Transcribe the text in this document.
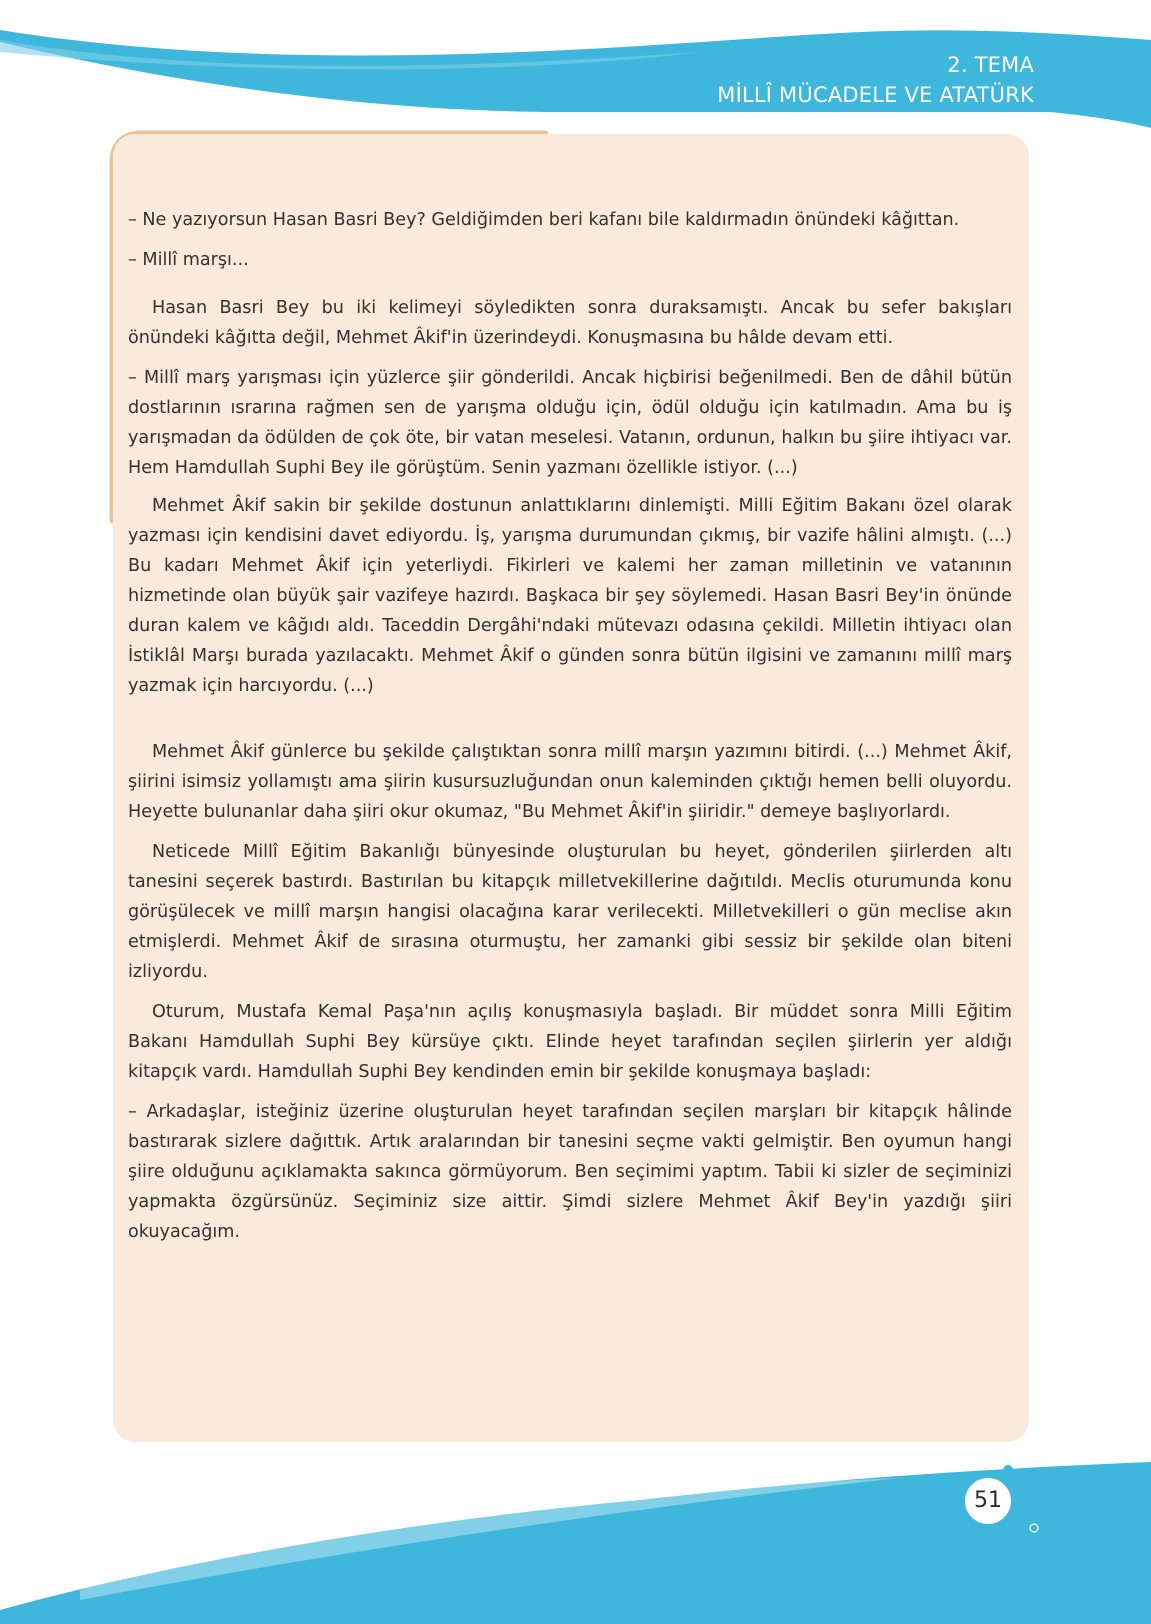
2. TEMA
MİLLÎ MÜCADELE VE ATATÜRK

– Ne yazıyorsun Hasan Basri Bey? Geldiğimden beri kafanı bile kaldırmadın önündeki kâğıttan.

– Millî marşı...

Hasan Basri Bey bu iki kelimeyi söyledikten sonra duraksamıştı. Ancak bu sefer bakışları önündeki kâğıtta değil, Mehmet Âkif'in üzerindeydi. Konuşmasına bu hâlde devam etti.

– Millî marş yarışması için yüzlerce şiir gönderildi. Ancak hiçbirisi beğenilmedi. Ben de dâhil bütün dostlarının ısrarına rağmen sen de yarışma olduğu için, ödül olduğu için katılmadın. Ama bu iş yarışmadan da ödülden de çok öte, bir vatan meselesi. Vatanın, ordunun, halkın bu şiire ihtiyacı var. Hem Hamdullah Suphi Bey ile görüştüm. Senin yazmanı özellikle istiyor. (...)

Mehmet Âkif sakin bir şekilde dostunun anlattıklarını dinlemişti. Milli Eğitim Bakanı özel olarak yazması için kendisini davet ediyordu. İş, yarışma durumundan çıkmış, bir vazife hâlini almıştı. (...) Bu kadarı Mehmet Âkif için yeterliydi. Fikirleri ve kalemi her zaman milletinin ve vatanının hizmetinde olan büyük şair vazifeye hazırdı. Başkaca bir şey söylemedi. Hasan Basri Bey'in önünde duran kalem ve kâğıdı aldı. Taceddin Dergâhi'ndaki mütevazı odasına çekildi. Milletin ihtiyacı olan İstiklâl Marşı burada yazılacaktı. Mehmet Âkif o günden sonra bütün ilgisini ve zamanını millî marş yazmak için harcıyordu. (...)

Mehmet Âkif günlerce bu şekilde çalıştıktan sonra millî marşın yazımını bitirdi. (...) Mehmet Âkif, şiirini isimsiz yollamıştı ama şiirin kusursuzluğundan onun kaleminden çıktığı hemen belli oluyordu. Heyette bulunanlar daha şiiri okur okumaz, "Bu Mehmet Âkif'in şiiridir." demeye başlıyorlardı.

Neticede Millî Eğitim Bakanlığı bünyesinde oluşturulan bu heyet, gönderilen şiirlerden altı tanesini seçerek bastırdı. Bastırılan bu kitapçık milletvekillerine dağıtıldı. Meclis oturumunda konu görüşülecek ve millî marşın hangisi olacağına karar verilecekti. Milletvekilleri o gün meclise akın etmişlerdi. Mehmet Âkif de sırasına oturmuştu, her zamanki gibi sessiz bir şekilde olan biteni izliyordu.

Oturum, Mustafa Kemal Paşa'nın açılış konuşmasıyla başladı. Bir müddet sonra Milli Eğitim Bakanı Hamdullah Suphi Bey kürsüye çıktı. Elinde heyet tarafından seçilen şiirlerin yer aldığı kitapçık vardı. Hamdullah Suphi Bey kendinden emin bir şekilde konuşmaya başladı:

– Arkadaşlar, isteğiniz üzerine oluşturulan heyet tarafından seçilen marşları bir kitapçık hâlinde bastırarak sizlere dağıttık. Artık aralarından bir tanesini seçme vakti gelmiştir. Ben oyumun hangi şiire olduğunu açıklamakta sakınca görmüyorum. Ben seçimimi yaptım. Tabii ki sizler de seçiminizi yapmakta özgürsünüz. Seçiminiz size aittir. Şimdi sizlere Mehmet Âkif Bey'in yazdığı şiiri okuyacağım.

51
